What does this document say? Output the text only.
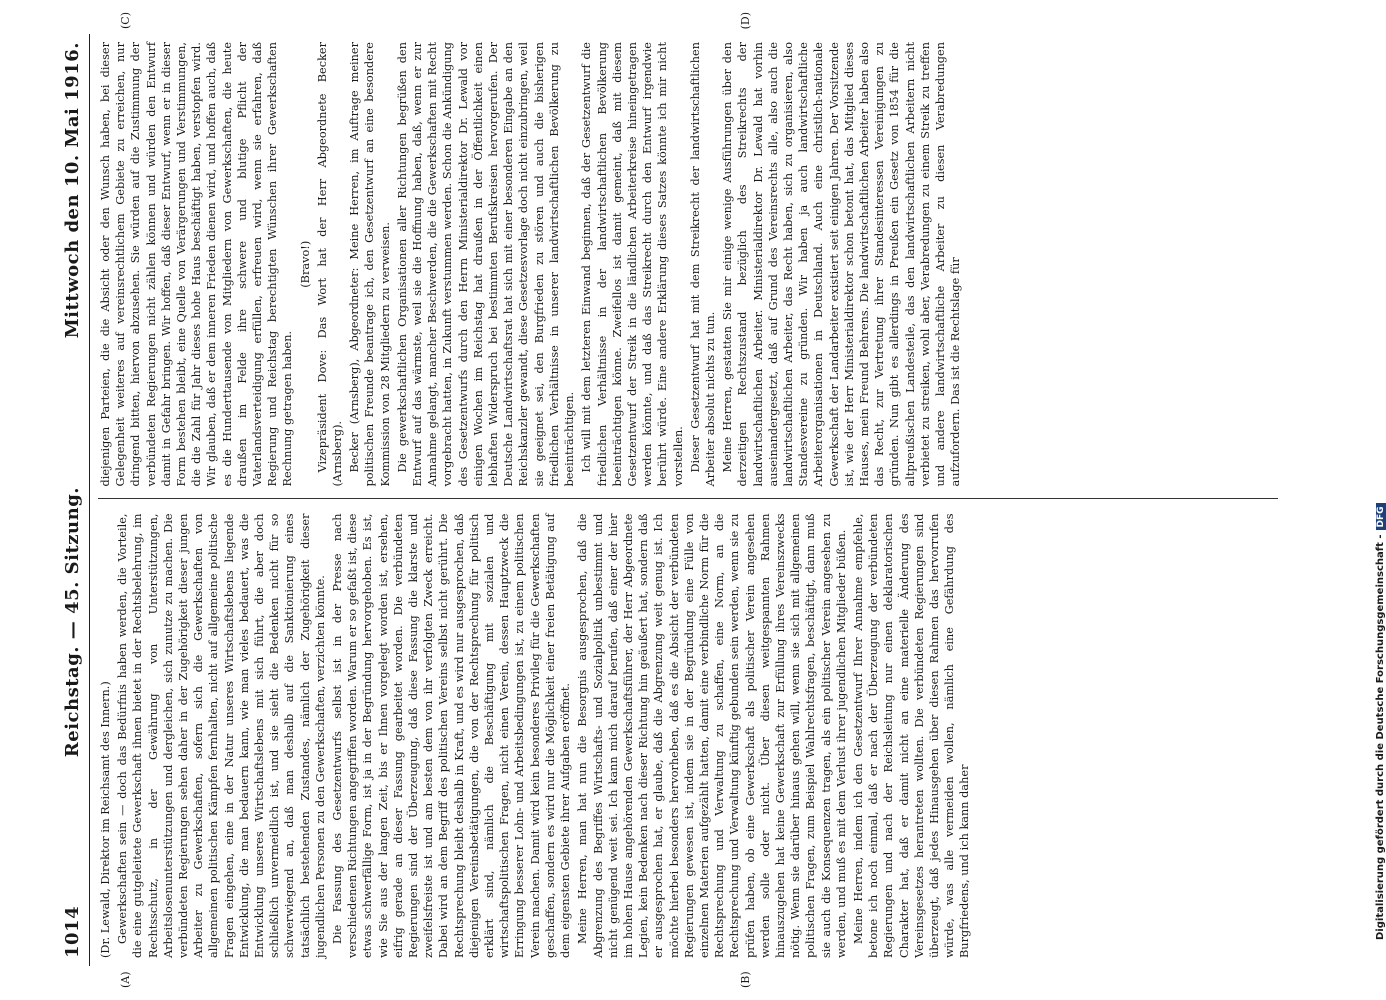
1014
Reichstag. — 45. Sitzung.
Mittwoch den 10. Mai 1916.
(A)	(B)

(Dr. Lewald, Direktor im Reichsamt des Innern.) Gewerkschaften sein — doch das Bedürfnis haben werden, die Vorteile, die eine gutgeleitete Gewerkschaft ihnen bietet in der Rechtsbelehrung, im Rechtsschutz, in der Gewährung von Unterstützungen, Arbeitslosenunterstützungen und dergleichen, sich zunutze zu machen. Die verbündeten Regierungen sehen daher in der Zugehörigkeit dieser jungen Arbeiter zu Gewerkschaften, sofern sich die Gewerkschaften von allgemeinen politischen Kämpfen fernhalten, nicht auf allgemeine politische Fragen eingehen, eine in der Natur unseres Wirtschaftslebens liegende Entwicklung, die man bedauern kann, wie man vieles bedauert, was die Entwicklung unseres Wirtschaftslebens mit sich führt, die aber doch schließlich unvermeidlich ist, und sie sieht die Bedenken nicht für so schwerwiegend an, daß man deshalb auf die Sanktionierung eines tatsächlich bestehenden Zustandes, nämlich der Zugehörigkeit dieser jugendlichen Personen zu den Gewerkschaften, verzichten könnte. Die Fassung des Gesetzentwurfs selbst ist in der Presse nach verschiedenen Richtungen angegriffen worden. Warum er so gefaßt ist, diese etwas schwerfällige Form, ist ja in der Begründung hervorgehoben. Es ist, wie Sie aus der langen Zeit, bis er Ihnen vorgelegt worden ist, ersehen, eifrig gerade an dieser Fassung gearbeitet worden. Die verbündeten Regierungen sind der Überzeugung, daß diese Fassung die klarste und zweifelsfreiste ist und am besten dem von ihr verfolgten Zweck erreicht. Dabei wird an dem Begriff des politischen Vereins selbst nicht gerührt. Die Rechtsprechung bleibt deshalb in Kraft, und es wird nur ausgesprochen, daß diejenigen Vereinsbetätigungen, die von der Rechtsprechung für politisch erklärt sind, nämlich die Beschäftigung mit sozialen und wirtschaftspolitischen Fragen, nicht einen Verein, dessen Hauptzweck die Erringung besserer Lohn- und Arbeitsbedingungen ist, zu einem politischen Verein machen. Damit wird kein besonderes Privileg für die Gewerkschaften geschaffen, sondern es wird nur die Möglichkeit einer freien Betätigung auf dem eigensten Gebiete ihrer Aufgaben eröffnet. Meine Herren, man hat nun die Besorgnis ausgesprochen, daß die Abgrenzung des Begriffes Wirtschafts- und Sozialpolitik unbestimmt und nicht genügend weit sei. Ich kann mich darauf berufen, daß einer der hier im hohen Hause angehörenden Gewerkschaftsführer, der Herr Abgeordnete Legien, kein Bedenken nach dieser Richtung hin geäußert hat, sondern daß er ausgesprochen hat, er glaube, daß die Abgrenzung weit genug ist. Ich möchte hierbei besonders hervorheben, daß es die Absicht der verbündeten Regierungen gewesen ist, indem sie in der Begründung eine Fülle von einzelnen Materien aufgezählt hatten, damit eine verbindliche Norm für die Rechtsprechung und Verwaltung zu schaffen, eine Norm, an die Rechtsprechung und Verwaltung künftig gebunden sein werden, wenn sie zu prüfen haben, ob eine Gewerkschaft als politischer Verein angesehen werden solle oder nicht. Über diesen weitgespannten Rahmen hinauszugehen hat keine Gewerkschaft zur Erfüllung ihres Vereinszwecks nötig. Wenn sie darüber hinaus gehen will, wenn sie sich mit allgemeinen politischen Fragen, zum Beispiel Wahlrechtsfragen, beschäftigt, dann muß sie auch die Konsequenzen tragen, als ein politischer Verein angesehen zu werden, und muß es mit dem Verlust ihrer jugendlichen Mitglieder büßen. Meine Herren, indem ich den Gesetzentwurf Ihrer Annahme empfehle, betone ich noch einmal, daß er nach der Überzeugung der verbündeten Regierungen und nach der Reichsleitung nur einen deklaratorischen Charakter hat, daß er damit nicht an eine materielle Änderung des Vereinsgesetzes herantreten wollten. Die verbündeten Regierungen sind überzeugt, daß jedes Hinausgehen über diesen Rahmen das hervorrufen würde, was alle vermeiden wollen, nämlich eine Gefährdung des Burgfriedens, und ich kann daher

(C)	(D)

diejenigen Parteien, die die Absicht oder den Wunsch haben, bei dieser Gelegenheit weiteres auf vereinsrechtlichem Gebiete zu erreichen, nur dringend bitten, hiervon abzusehen. Sie würden auf die Zustimmung der verbündeten Regierungen nicht zählen können und würden den Entwurf damit in Gefahr bringen. Wir hoffen, daß dieser Entwurf, wenn er in dieser Form bestehen bleibt, eine Quelle von Verärgerungen und Verstimmungen, die die Zahl für Jahr dieses hohe Haus beschäftigt haben, verstopfen wird. Wir glauben, daß er dem inneren Frieden dienen wird, und hoffen auch, daß es die Hunderttausende von Mitgliedern von Gewerkschaften, die heute draußen im Felde ihre schwere und blutige Pflicht der Vaterlandsverteidigung erfüllen, erfreuen wird, wenn sie erfahren, daß Regierung und Reichstag berechtigten Wünschen ihrer Gewerkschaften Rechnung getragen haben.

(Bravo!) Vizepräsident Dove: Das Wort hat der Herr Abgeordnete Becker (Arnsberg). Becker (Arnsberg), Abgeordneter: Meine Herren, im Auftrage meiner politischen Freunde beantrage ich, den Gesetzentwurf an eine besondere Kommission von 28 Mitgliedern zu verweisen. Die gewerkschaftlichen Organisationen aller Richtungen begrüßen den Entwurf auf das wärmste, weil sie die Hoffnung haben, daß, wenn er zur Annahme gelangt, mancher Beschwerden, die die Gewerkschaften mit Recht vorgebracht hatten, in Zukunft verstummen werden. Schon die Ankündigung des Gesetzentwurfs durch den Herrn Ministerialdirektor Dr. Lewald vor einigen Wochen im Reichstag hat draußen in der Öffentlichkeit einen lebhaften Widerspruch bei bestimmten Berufskreisen hervorgerufen. Der Deutsche Landwirtschaftsrat hat sich mit einer besonderen Eingabe an den Reichskanzler gewandt, diese Gesetzesvorlage doch nicht einzubringen, weil sie geeignet sei, den Burgfrieden zu stören und auch die bisherigen friedlichen Verhältnisse in unserer landwirtschaftlichen Bevölkerung zu beeinträchtigen. Ich will mit dem letzteren Einwand beginnen, daß der Gesetzentwurf die friedlichen Verhältnisse in der landwirtschaftlichen Bevölkerung beeinträchtigen könne. Zweifellos ist damit gemeint, daß mit diesem Gesetzentwurf der Streik in die ländlichen Arbeiterkreise hineingetragen werden könnte, und daß das Streikrecht durch den Entwurf irgendwie berührt würde. Eine andere Erklärung dieses Satzes könnte ich mir nicht vorstellen. Dieser Gesetzentwurf hat mit dem Streikrecht der landwirtschaftlichen Arbeiter absolut nichts zu tun. Meine Herren, gestatten Sie mir einige wenige Ausführungen über den derzeitigen Rechtszustand bezüglich des Streikrechts der landwirtschaftlichen Arbeiter. Ministerialdirektor Dr. Lewald hat vorhin auseinandergesetzt, daß auf Grund des Vereinsrechts alle, also auch die landwirtschaftlichen Arbeiter, das Recht haben, sich zu organisieren, also Standesvereine zu gründen. Wir haben ja auch landwirtschaftliche Arbeiterorganisationen in Deutschland. Auch eine christlich-nationale Gewerkschaft der Landarbeiter existiert seit einigen Jahren. Der Vorsitzende ist, wie der Herr Ministerialdirektor schon betont hat, das Mitglied dieses Hauses, mein Freund Behrens. Die landwirtschaftlichen Arbeiter haben also das Recht, zur Vertretung ihrer Standesinteressen Vereinigungen zu gründen. Nun gibt es allerdings in Preußen ein Gesetz von 1854 für die altpreußischen Landesteile, das den landwirtschaftlichen Arbeitern nicht verbietet zu streiken, wohl aber, Verabredungen zu einem Streik zu treffen und andere landwirtschaftliche Arbeiter zu diesen Verabredungen aufzufordern. Das ist die Rechtslage für

Digitalisierung gefördert durch die Deutsche Forschungsgemeinschaft -
DFG
